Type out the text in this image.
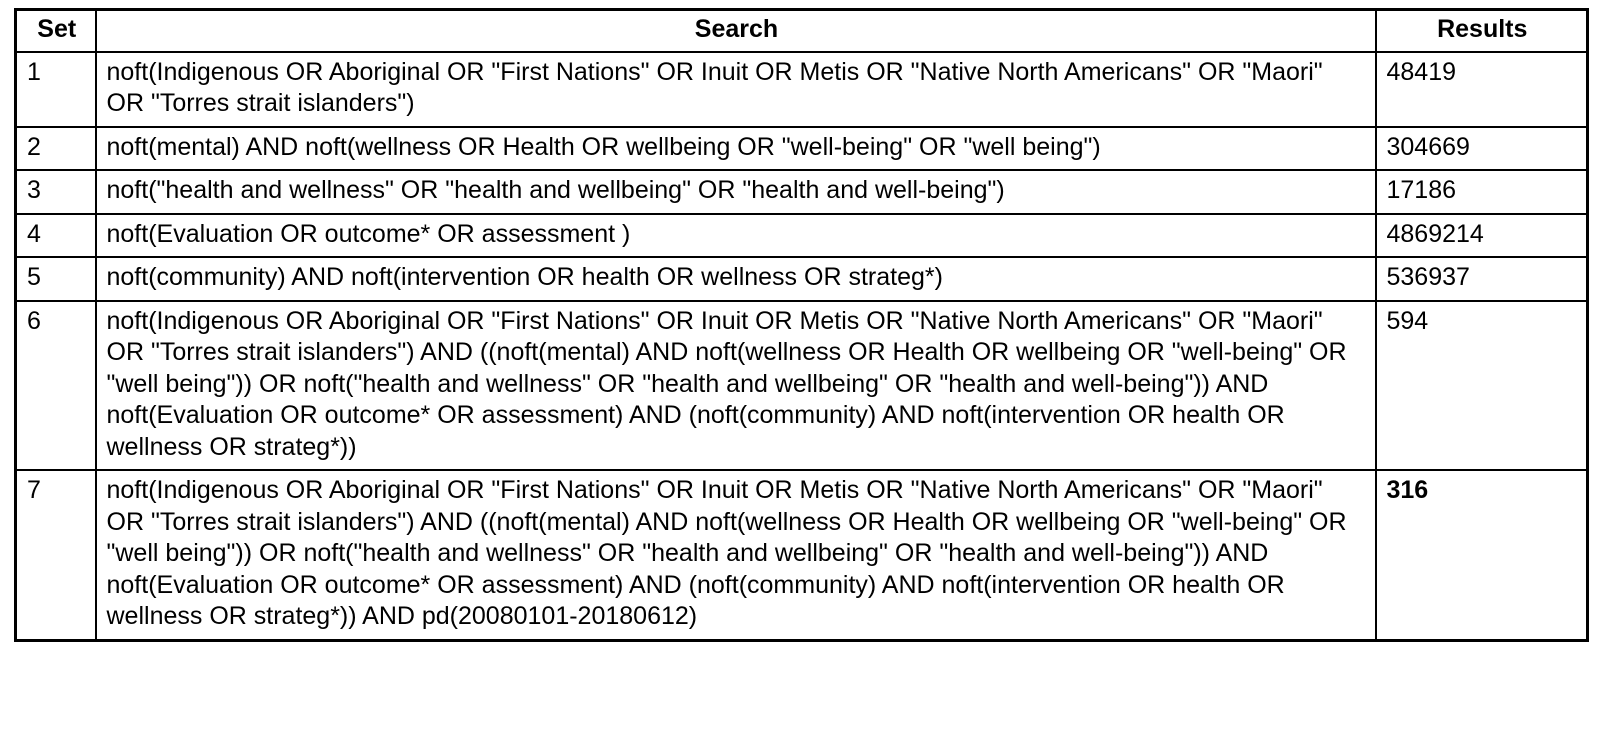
Set	Search	Results
1	noft(Indigenous OR Aboriginal OR "First Nations" OR Inuit OR Metis OR "Native North Americans" OR "Maori" OR "Torres strait islanders")	48419
2	noft(mental) AND noft(wellness OR Health OR wellbeing OR "well-being" OR "well being")	304669
3	noft("health and wellness" OR "health and wellbeing" OR "health and well-being")	17186
4	noft(Evaluation OR outcome* OR assessment )	4869214
5	noft(community) AND noft(intervention OR health OR wellness OR strateg*)	536937
6	noft(Indigenous OR Aboriginal OR "First Nations" OR Inuit OR Metis OR "Native North Americans" OR "Maori" OR "Torres strait islanders") AND ((noft(mental) AND noft(wellness OR Health OR wellbeing OR "well-being" OR "well being")) OR noft("health and wellness" OR "health and wellbeing" OR "health and well-being")) AND noft(Evaluation OR outcome* OR assessment) AND (noft(community) AND noft(intervention OR health OR wellness OR strateg*))	594
7	noft(Indigenous OR Aboriginal OR "First Nations" OR Inuit OR Metis OR "Native North Americans" OR "Maori" OR "Torres strait islanders") AND ((noft(mental) AND noft(wellness OR Health OR wellbeing OR "well-being" OR "well being")) OR noft("health and wellness" OR "health and wellbeing" OR "health and well-being")) AND noft(Evaluation OR outcome* OR assessment) AND (noft(community) AND noft(intervention OR health OR wellness OR strateg*)) AND pd(20080101-20180612)	316
